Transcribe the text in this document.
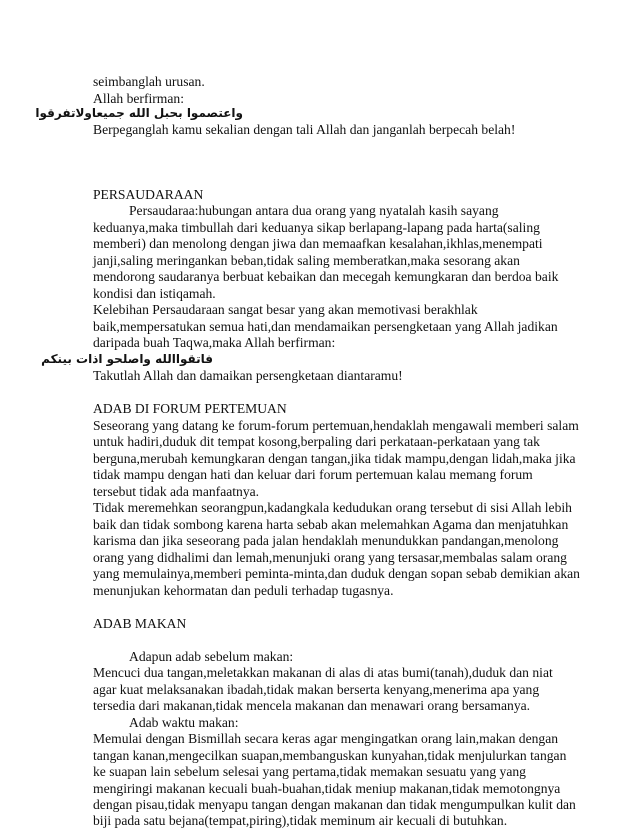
seimbanglah urusan.
Allah berfirman:
واعتصموا بحبل الله جميعاولاتفرقوا
Berpeganglah kamu sekalian dengan tali Allah dan janganlah berpecah belah!
PERSAUDARAAN
Persaudaraa:hubungan antara dua orang yang nyatalah kasih sayang
keduanya,maka timbullah dari keduanya sikap berlapang-lapang pada harta(saling
memberi) dan menolong dengan jiwa dan memaafkan kesalahan,ikhlas,menempati
janji,saling meringankan beban,tidak saling memberatkan,maka sesorang akan
mendorong saudaranya berbuat kebaikan dan mecegah kemungkaran dan berdoa baik
kondisi dan istiqamah.
Kelebihan Persaudaraan sangat besar yang akan memotivasi berakhlak
baik,mempersatukan semua hati,dan mendamaikan persengketaan yang Allah jadikan
daripada buah Taqwa,maka Allah berfirman:
فاتقواالله واصلحو اذات بينكم
Takutlah Allah dan damaikan persengketaan diantaramu!
ADAB DI FORUM PERTEMUAN
Seseorang yang datang ke forum-forum pertemuan,hendaklah mengawali memberi salam
untuk hadiri,duduk dit tempat kosong,berpaling dari perkataan-perkataan yang tak
berguna,merubah kemungkaran dengan tangan,jika tidak mampu,dengan lidah,maka jika
tidak mampu dengan hati dan keluar dari forum pertemuan kalau memang forum
tersebut tidak ada manfaatnya.
Tidak meremehkan seorangpun,kadangkala kedudukan orang tersebut di sisi Allah lebih
baik dan tidak sombong karena harta sebab akan melemahkan Agama dan menjatuhkan
karisma dan jika seseorang pada jalan hendaklah menundukkan pandangan,menolong
orang yang didhalimi dan lemah,menunjuki orang yang tersasar,membalas salam orang
yang memulainya,memberi peminta-minta,dan duduk dengan sopan sebab demikian akan
menunjukan kehormatan dan peduli terhadap tugasnya.
ADAB MAKAN
Adapun adab sebelum makan:
Mencuci dua tangan,meletakkan makanan di alas di atas bumi(tanah),duduk dan niat
agar kuat melaksanakan ibadah,tidak makan berserta kenyang,menerima apa yang
tersedia dari makanan,tidak mencela makanan dan menawari orang bersamanya.
Adab waktu makan:
Memulai dengan Bismillah secara keras agar mengingatkan orang lain,makan dengan
tangan kanan,mengecilkan suapan,membanguskan kunyahan,tidak menjulurkan tangan
ke suapan lain sebelum selesai yang pertama,tidak memakan sesuatu yang yang
mengiringi makanan kecuali buah-buahan,tidak meniup makanan,tidak memotongnya
dengan pisau,tidak menyapu tangan dengan makanan dan tidak mengumpulkan kulit dan
biji pada satu bejana(tempat,piring),tidak meminum air kecuali di butuhkan.
